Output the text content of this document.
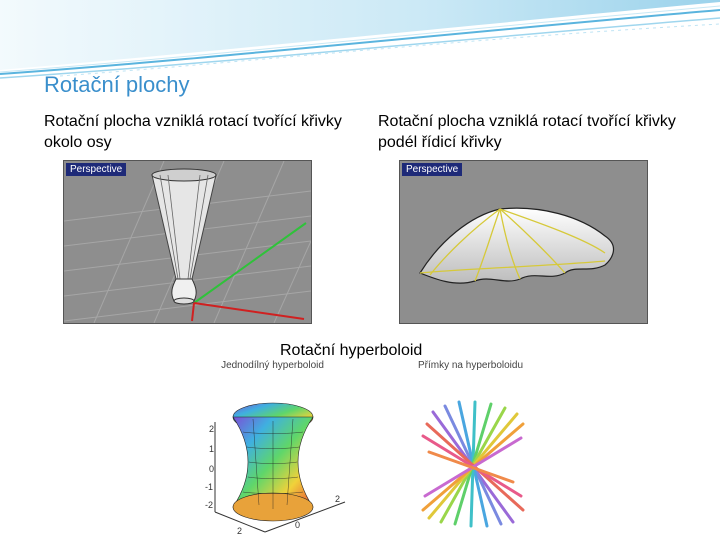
Rotační plochy
Rotační plocha vzniklá rotací tvořící křivky okolo osy
Rotační plocha vzniklá rotací tvořící křivky podél řídicí křivky
Perspective	Perspective
Rotační hyperboloid
Jednodílný hyperboloid
2
1
0
-1
-2
2
0
2
Přímky na hyperboloidu
